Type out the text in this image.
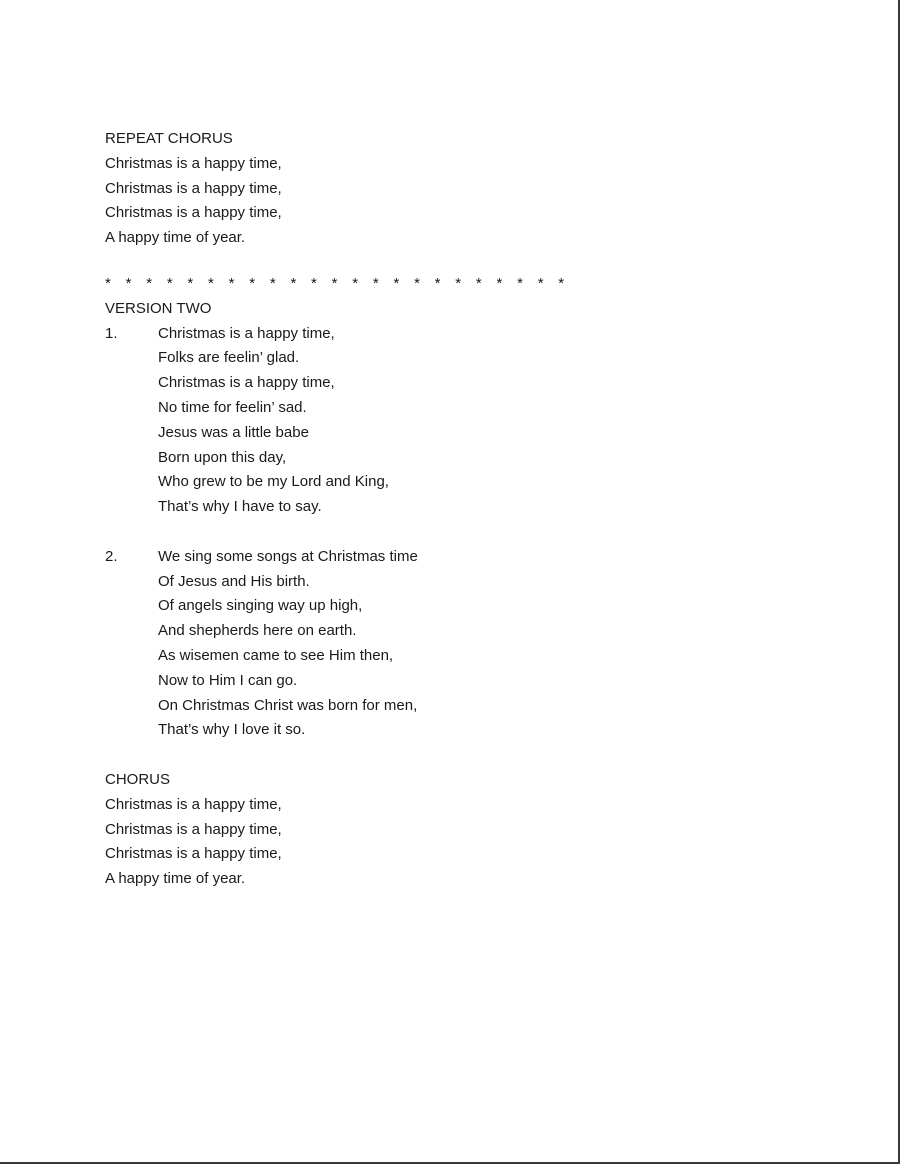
REPEAT CHORUS
Christmas is a happy time,
Christmas is a happy time,
Christmas is a happy time,
A happy time of year.
* * * * * * * * * * * * * * * * * * * * * * *
VERSION TWO
1.	Christmas is a happy time,
Folks are feelin’ glad.
Christmas is a happy time,
No time for feelin’ sad.
Jesus was a little babe
Born upon this day,
Who grew to be my Lord and King,
That’s why I have to say.
2.	We sing some songs at Christmas time
Of Jesus and His birth.
Of angels singing way up high,
And shepherds here on earth.
As wisemen came to see Him then,
Now to Him I can go.
On Christmas Christ was born for men,
That’s why I love it so.
CHORUS
Christmas is a happy time,
Christmas is a happy time,
Christmas is a happy time,
A happy time of year.
